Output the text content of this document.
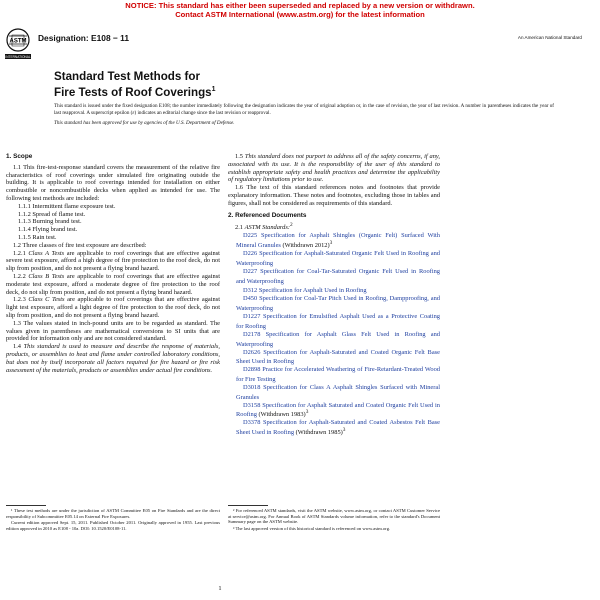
NOTICE: This standard has either been superseded and replaced by a new version or withdrawn.
Contact ASTM International (www.astm.org) for the latest information
ASTM
INTERNATIONAL
Designation: E108 − 11	An American National Standard
Standard Test Methods for
Fire Tests of Roof Coverings$^1$

This standard is issued under the fixed designation E108; the number immediately following the designation indicates the year of original adoption or, in the case of revision, the year of last revision. A number in parentheses indicates the year of last reapproval. A superscript epsilon (ε) indicates an editorial change since the last revision or reapproval.

This standard has been approved for use by agencies of the U.S. Department of Defense.

1. Scope

1.1 This fire-test-response standard covers the measurement of the relative fire characteristics of roof coverings under simulated fire originating outside the building. It is applicable to roof coverings intended for installation on either combustible or noncombustible decks when applied as intended for use. The following test methods are included:

1.1.1 Intermittent flame exposure test.

1.1.2 Spread of flame test.

1.1.3 Burning brand test.

1.1.4 Flying brand test.

1.1.5 Rain test.

1.2 Three classes of fire test exposure are described:

1.2.1 Class A Tests are applicable to roof coverings that are effective against severe test exposure, afford a high degree of fire protection to the roof deck, do not slip from position, and do not present a flying brand hazard.

1.2.2 Class B Tests are applicable to roof coverings that are effective against moderate test exposure, afford a moderate degree of fire protection to the roof deck, do not slip from position, and do not present a flying brand hazard.

1.2.3 Class C Tests are applicable to roof coverings that are effective against light test exposure, afford a light degree of fire protection to the roof deck, do not slip from position, and do not present a flying brand hazard.

1.3 The values stated in inch-pound units are to be regarded as standard. The values given in parentheses are mathematical conversions to SI units that are provided for information only and are not considered standard.

1.4 This standard is used to measure and describe the response of materials, products, or assemblies to heat and flame under controlled laboratory conditions, but does not by itself incorporate all factors required for fire hazard or fire risk assessment of the materials, products or assemblies under actual fire conditions.

1.5 This standard does not purport to address all of the safety concerns, if any, associated with its use. It is the responsibility of the user of this standard to establish appropriate safety and health practices and determine the applicability of regulatory limitations prior to use.

1.6 The text of this standard references notes and footnotes that provide explanatory information. These notes and footnotes, excluding those in tables and figures, shall not be considered as requirements of this standard.

2. Referenced Documents

2.1 ASTM Standards:$^2$

D225 Specification for Asphalt Shingles (Organic Felt) Surfaced With Mineral Granules (Withdrawn 2012)$^3$

D226 Specification for Asphalt-Saturated Organic Felt Used in Roofing and Waterproofing

D227 Specification for Coal-Tar-Saturated Organic Felt Used in Roofing and Waterproofing

D312 Specification for Asphalt Used in Roofing

D450 Specification for Coal-Tar Pitch Used in Roofing, Dampproofing, and Waterproofing

D1227 Specification for Emulsified Asphalt Used as a Protective Coating for Roofing

D2178 Specification for Asphalt Glass Felt Used in Roofing and Waterproofing

D2626 Specification for Asphalt-Saturated and Coated Organic Felt Base Sheet Used in Roofing

D2898 Practice for Accelerated Weathering of Fire-Retardant-Treated Wood for Fire Testing

D3018 Specification for Class A Asphalt Shingles Surfaced with Mineral Granules

D3158 Specification for Asphalt Saturated and Coated Organic Felt Used in Roofing (Withdrawn 1983)$^3$

D3378 Specification for Asphalt-Saturated and Coated Asbestos Felt Base Sheet Used in Roofing (Withdrawn 1985)$^3$

¹ These test methods are under the jurisdiction of ASTM Committee E05 on Fire Standards and are the direct responsibility of Subcommittee E05.14 on External Fire Exposures.

Current edition approved Sept. 15, 2011. Published October 2011. Originally approved in 1955. Last previous edition approved in 2010 as E108 - 10a. DOI: 10.1520/E0108-11.

² For referenced ASTM standards, visit the ASTM website, www.astm.org, or contact ASTM Customer Service at service@astm.org. For Annual Book of ASTM Standards volume information, refer to the standard's Document Summary page on the ASTM website.

³ The last approved version of this historical standard is referenced on www.astm.org.

1
